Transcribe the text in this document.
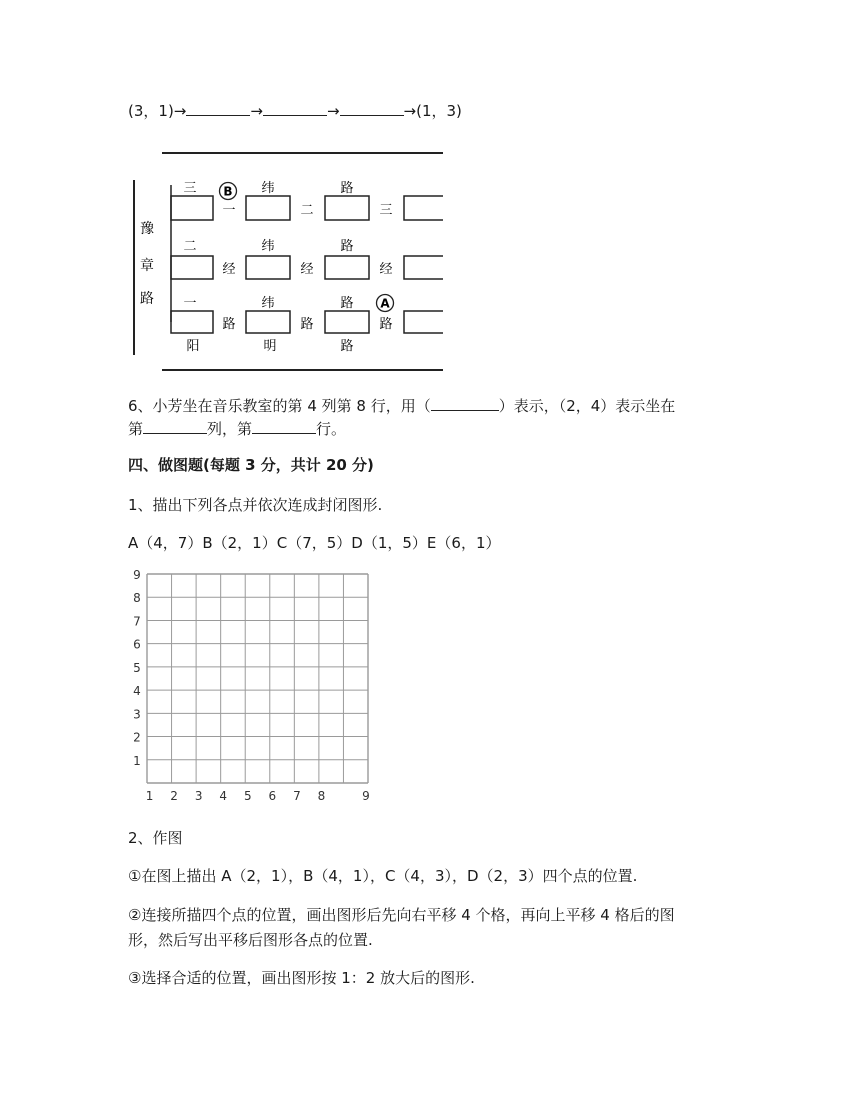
(3，1)→	→	→	→(1，3)
豫
章
路
三
二
一
纬	路
纬	路
纬	路
B
A
一	二	三
经	经	经
路	路	路
阳	明	路
6、小芳坐在音乐教室的第 4 列第 8 行，用（	）表示，（2，4）表示坐在
第	列，第	行。
四、做图题(每题 3 分，共计 20 分)
1、描出下列各点并依次连成封闭图形.
A（4，7）B（2，1）C（7，5）D（1，5）E（6，1）
9
8
7
6
5
4
3
2
1
1 2 3 4 5 6 7 8	9
2、作图
①在图上描出 A（2，1），B（4，1），C（4，3），D（2，3）四个点的位置.
②连接所描四个点的位置，画出图形后先向右平移 4 个格，再向上平移 4 格后的图
形，然后写出平移后图形各点的位置.
③选择合适的位置，画出图形按 1：2 放大后的图形.
